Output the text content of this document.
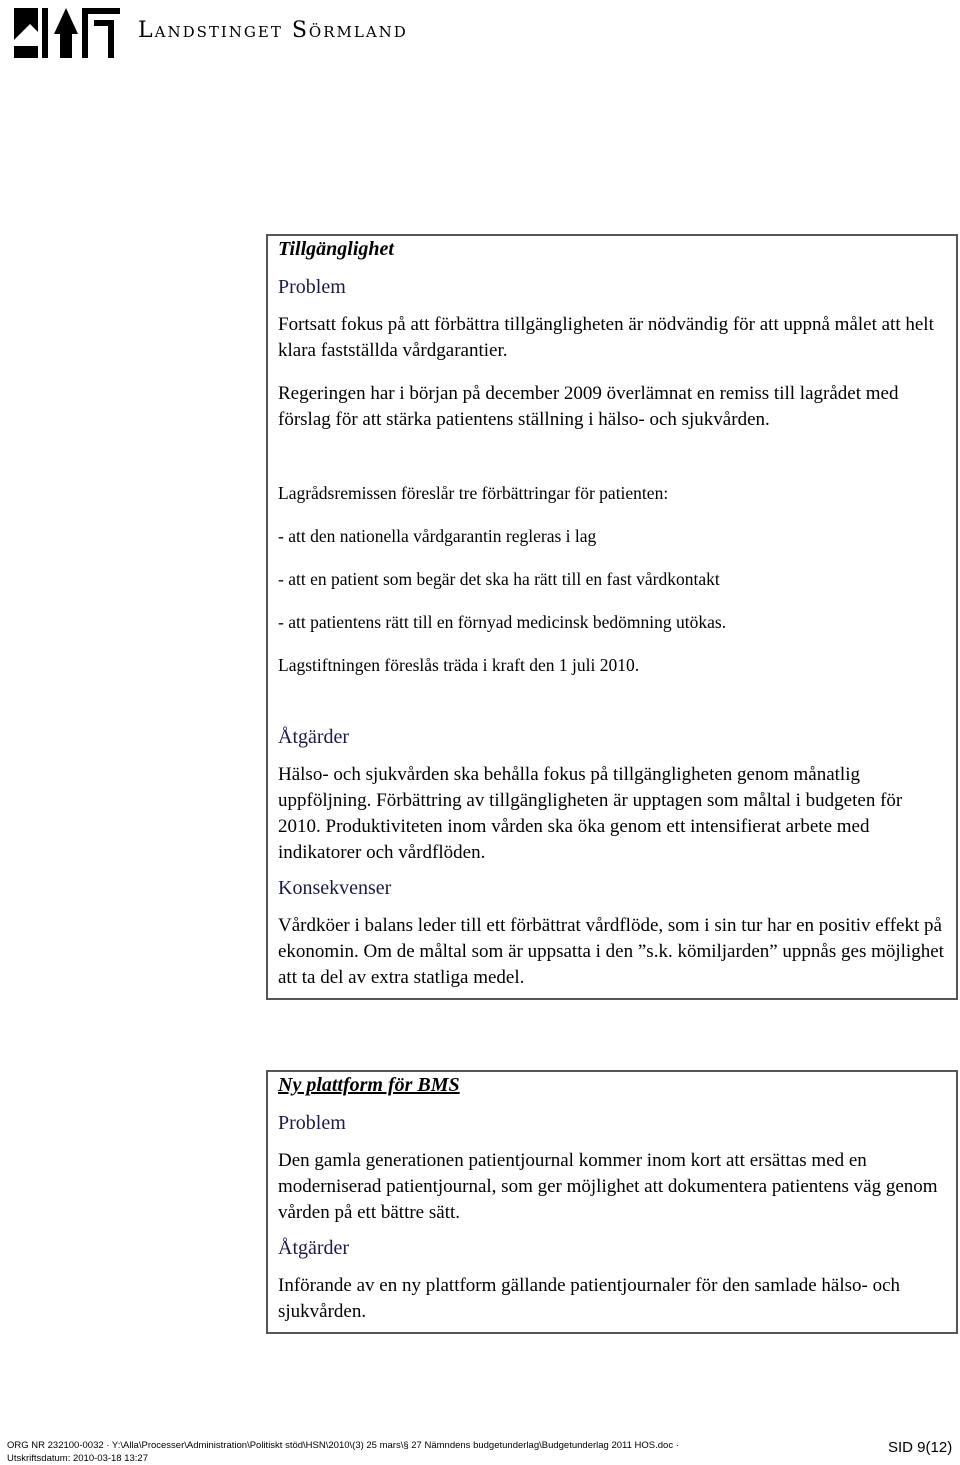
Landstinget Sörmland
Tillgänglighet
Problem
Fortsatt fokus på att förbättra tillgängligheten är nödvändig för att uppnå målet att helt klara fastställda vårdgarantier.
Regeringen har i början på december 2009 överlämnat en remiss till lagrådet med förslag för att stärka patientens ställning i hälso- och sjukvården.
Lagrådsremissen föreslår tre förbättringar för patienten:
- att den nationella vårdgarantin regleras i lag
- att en patient som begär det ska ha rätt till en fast vårdkontakt
- att patientens rätt till en förnyad medicinsk bedömning utökas.
Lagstiftningen föreslås träda i kraft den 1 juli 2010.
Åtgärder
Hälso- och sjukvården ska behålla fokus på tillgängligheten genom månatlig uppföljning. Förbättring av tillgängligheten är upptagen som måltal i budgeten för 2010. Produktiviteten inom vården ska öka genom ett intensifierat arbete med indikatorer och vårdflöden.
Konsekvenser
Vårdköer i balans leder till ett förbättrat vårdflöde, som i sin tur har en positiv effekt på ekonomin. Om de måltal som är uppsatta i den ”s.k. kömiljarden” uppnås ges möjlighet att ta del av extra statliga medel.
Ny plattform för BMS
Problem
Den gamla generationen patientjournal kommer inom kort att ersättas med en moderniserad patientjournal, som ger möjlighet att dokumentera patientens väg genom vården på ett bättre sätt.
Åtgärder
Införande av en ny plattform gällande patientjournaler för den samlade hälso- och sjukvården.
ORG NR 232100-0032 · Y:\Alla\Processer\Administration\Politiskt stöd\HSN\2010\(3) 25 mars\§ 27 Nämndens budgetunderlag\Budgetunderlag 2011 HOS.doc ·
Utskriftsdatum: 2010-03-18 13:27
SID 9(12)
